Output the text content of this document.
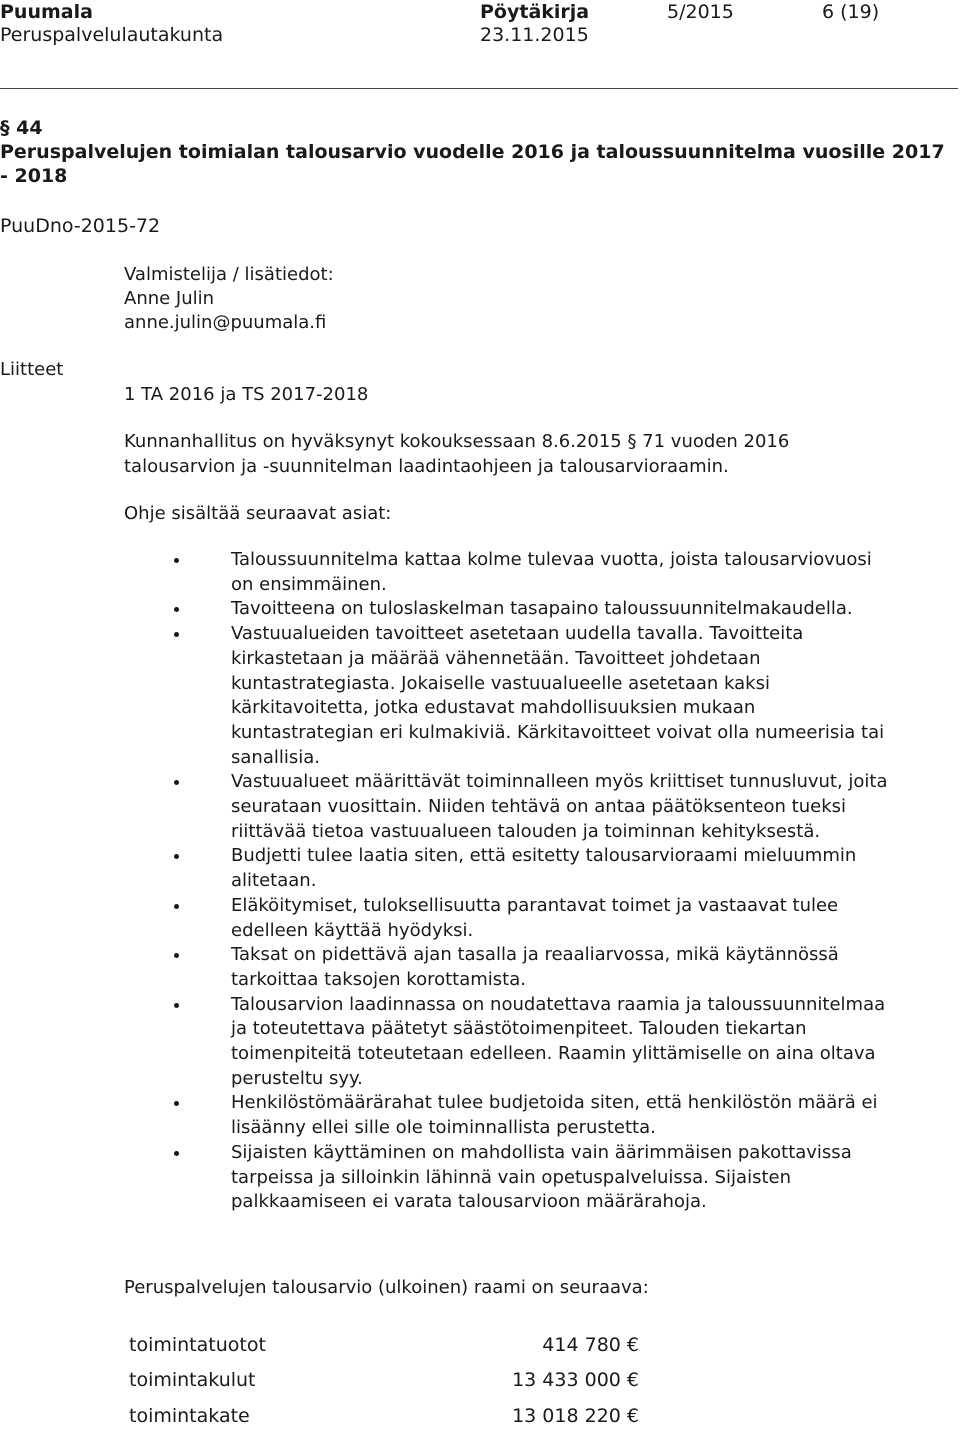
Puumala
Peruspalvelulautakunta
Pöytäkirja
23.11.2015
5/2015	6 (19)
§ 44
Peruspalvelujen toimialan talousarvio vuodelle 2016 ja taloussuunnitelma vuosille 2017
- 2018
PuuDno-2015-72
Valmistelija / lisätiedot:
Anne Julin
anne.julin@puumala.fi
Liitteet
1 TA 2016 ja TS 2017-2018
Kunnanhallitus on hyväksynyt kokouksessaan 8.6.2015 § 71 vuoden 2016
talousarvion ja -suunnitelman laadintaohjeen ja talousarvioraamin.
Ohje sisältää seuraavat asiat:
Taloussuunnitelma kattaa kolme tulevaa vuotta, joista talousarviovuosi on ensimmäinen.
Tavoitteena on tuloslaskelman tasapaino taloussuunnitelmakaudella.
Vastuualueiden tavoitteet asetetaan uudella tavalla. Tavoitteita kirkastetaan ja määrää vähennetään. Tavoitteet johdetaan kuntastrategiasta. Jokaiselle vastuualueelle asetetaan kaksi kärkitavoitetta, jotka edustavat mahdollisuuksien mukaan kuntastrategian eri kulmakiviä. Kärkitavoitteet voivat olla numeerisia tai sanallisia.
Vastuualueet määrittävät toiminnalleen myös kriittiset tunnusluvut, joita seurataan vuosittain. Niiden tehtävä on antaa päätöksenteon tueksi riittävää tietoa vastuualueen talouden ja toiminnan kehityksestä.
Budjetti tulee laatia siten, että esitetty talousarvioraami mieluummin alitetaan.
Eläköitymiset, tuloksellisuutta parantavat toimet ja vastaavat tulee edelleen käyttää hyödyksi.
Taksat on pidettävä ajan tasalla ja reaaliarvossa, mikä käytännössä tarkoittaa taksojen korottamista.
Talousarvion laadinnassa on noudatettava raamia ja taloussuunnitelmaa ja toteutettava päätetyt säästötoimenpiteet. Talouden tiekartan toimenpiteitä toteutetaan edelleen. Raamin ylittämiselle on aina oltava perusteltu syy.
Henkilöstömäärärahat tulee budjetoida siten, että henkilöstön määrä ei lisäänny ellei sille ole toiminnallista perustetta.
Sijaisten käyttäminen on mahdollista vain äärimmäisen pakottavissa tarpeissa ja silloinkin lähinnä vain opetuspalveluissa. Sijaisten palkkaamiseen ei varata talousarvioon määrärahoja.
Peruspalvelujen talousarvio (ulkoinen) raami on seuraava:
toimintatuotot	414 780 €
toimintakulut	13 433 000 €
toimintakate	13 018 220 €
